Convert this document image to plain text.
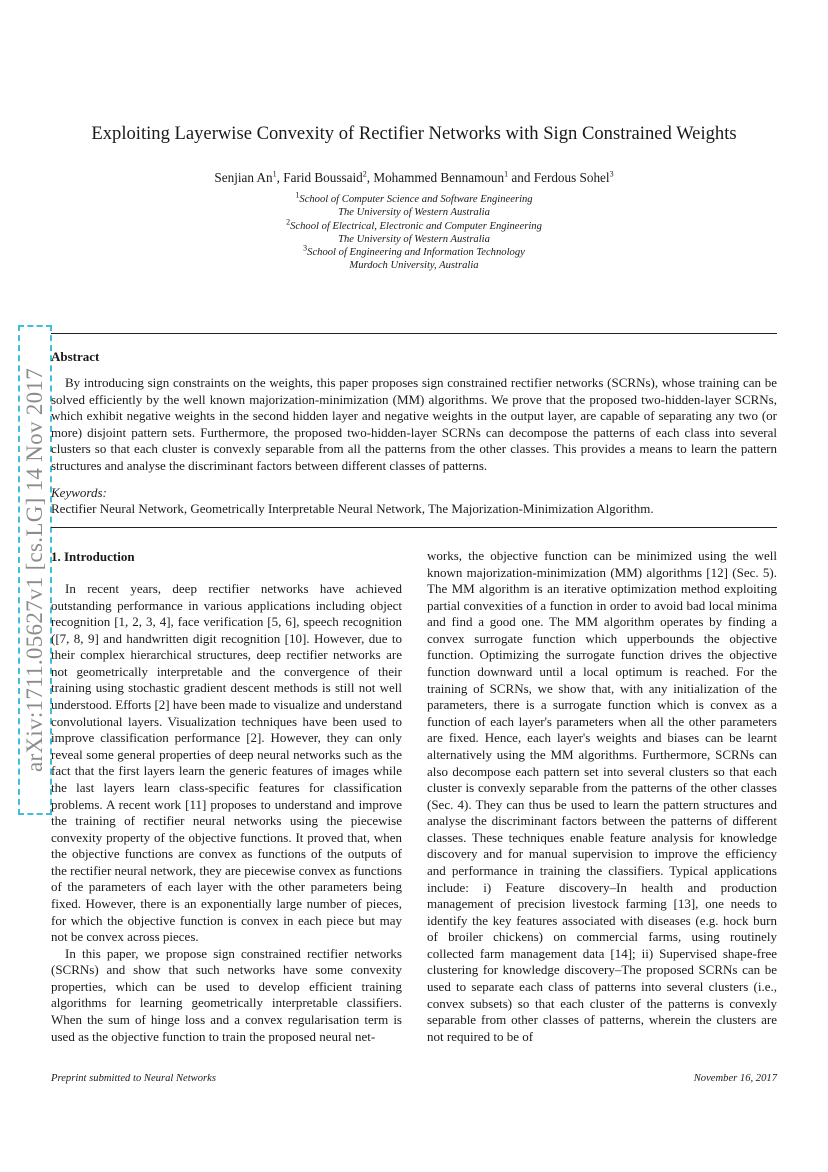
arXiv:1711.05627v1 [cs.LG] 14 Nov 2017
Exploiting Layerwise Convexity of Rectifier Networks with Sign Constrained Weights
Senjian An$^1$, Farid Boussaid$^2$, Mohammed Bennamoun$^1$ and Ferdous Sohel$^3$
$^1$School of Computer Science and Software Engineering
The University of Western Australia
$^2$School of Electrical, Electronic and Computer Engineering
The University of Western Australia
$^3$School of Engineering and Information Technology
Murdoch University, Australia
Abstract
By introducing sign constraints on the weights, this paper proposes sign constrained rectifier networks (SCRNs), whose training can be solved efficiently by the well known majorization-minimization (MM) algorithms. We prove that the proposed two-hidden-layer SCRNs, which exhibit negative weights in the second hidden layer and negative weights in the output layer, are capable of separating any two (or more) disjoint pattern sets. Furthermore, the proposed two-hidden-layer SCRNs can decompose the patterns of each class into several clusters so that each cluster is convexly separable from all the patterns from the other classes. This provides a means to learn the pattern structures and analyse the discriminant factors between different classes of patterns.
Keywords:
Rectifier Neural Network, Geometrically Interpretable Neural Network, The Majorization-Minimization Algorithm.
1. Introduction

In recent years, deep rectifier networks have achieved outstanding performance in various applications including object recognition [1, 2, 3, 4], face verification [5, 6], speech recognition ([7, 8, 9] and handwritten digit recognition [10]. However, due to their complex hierarchical structures, deep rectifier networks are not geometrically interpretable and the convergence of their training using stochastic gradient descent methods is still not well understood. Efforts [2] have been made to visualize and understand convolutional layers. Visualization techniques have been used to improve classification performance [2]. However, they can only reveal some general properties of deep neural networks such as the fact that the first layers learn the generic features of images while the last layers learn class-specific features for classification problems. A recent work [11] proposes to understand and improve the training of rectifier neural networks using the piecewise convexity property of the objective functions. It proved that, when the objective functions are convex as functions of the outputs of the rectifier neural network, they are piecewise convex as functions of the parameters of each layer with the other parameters being fixed. However, there is an exponentially large number of pieces, for which the objective function is convex in each piece but may not be convex across pieces.

In this paper, we propose sign constrained rectifier networks (SCRNs) and show that such networks have some convexity properties, which can be used to develop efficient training algorithms for learning geometrically interpretable classifiers. When the sum of hinge loss and a convex regularisation term is used as the objective function to train the proposed neural net-

works, the objective function can be minimized using the well known majorization-minimization (MM) algorithms [12] (Sec. 5). The MM algorithm is an iterative optimization method exploiting partial convexities of a function in order to avoid bad local minima and find a good one. The MM algorithm operates by finding a convex surrogate function which upperbounds the objective function. Optimizing the surrogate function drives the objective function downward until a local optimum is reached. For the training of SCRNs, we show that, with any initialization of the parameters, there is a surrogate function which is convex as a function of each layer's parameters when all the other parameters are fixed. Hence, each layer's weights and biases can be learnt alternatively using the MM algorithms. Furthermore, SCRNs can also decompose each pattern set into several clusters so that each cluster is convexly separable from the patterns of the other classes (Sec. 4). They can thus be used to learn the pattern structures and analyse the discriminant factors between the patterns of different classes. These techniques enable feature analysis for knowledge discovery and for manual supervision to improve the efficiency and performance in training the classifiers. Typical applications include: i) Feature discovery–In health and production management of precision livestock farming [13], one needs to identify the key features associated with diseases (e.g. hock burn of broiler chickens) on commercial farms, using routinely collected farm management data [14]; ii) Supervised shape-free clustering for knowledge discovery–The proposed SCRNs can be used to separate each class of patterns into several clusters (i.e., convex subsets) so that each cluster of the patterns is convexly separable from other classes of patterns, wherein the clusters are not required to be of

Preprint submitted to Neural Networks	November 16, 2017
